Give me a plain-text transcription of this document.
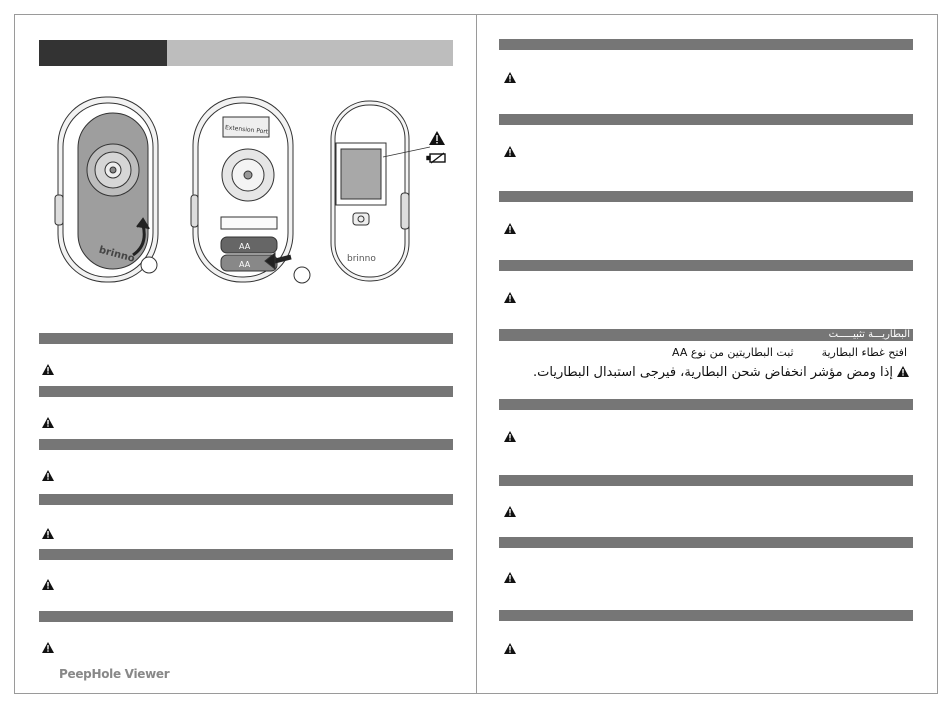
brinno
Extension Port
AA
AA
brinno
PeepHole Viewer
البطاريـــة تثبيـــــت
افتح غطاء البطاريةثبت البطاريتين من نوع AA
إذا ومض مؤشر انخفاض شحن البطارية، فيرجى استبدال البطاريات.
